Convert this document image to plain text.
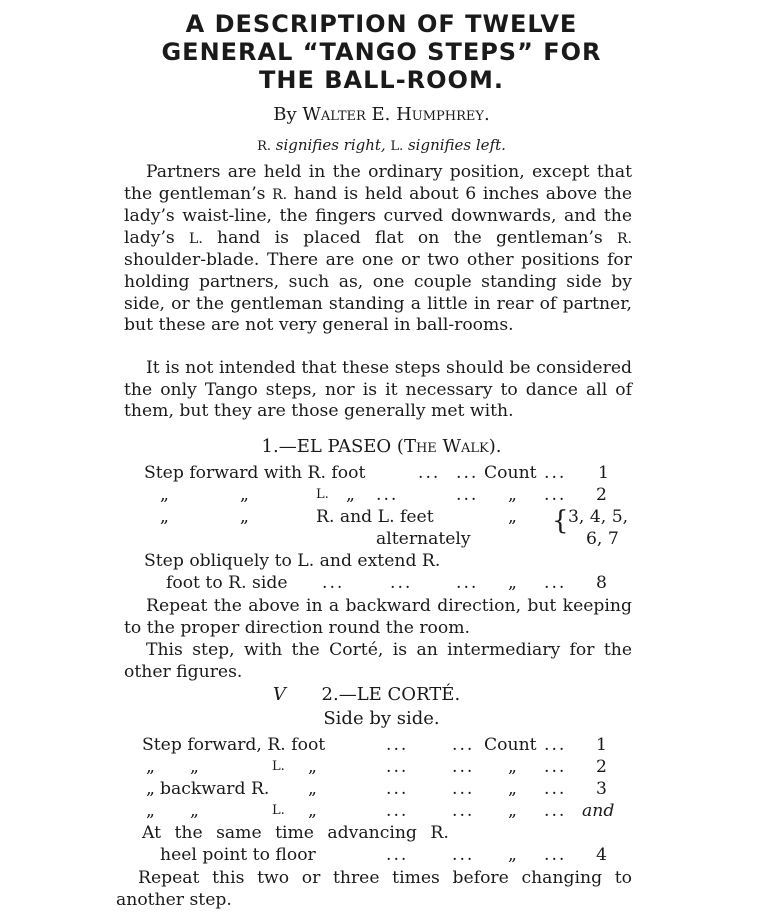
A DESCRIPTION OF TWELVE
GENERAL “TANGO STEPS” FOR
THE BALL-ROOM.
By Walter E. Humphrey.
R. signifies right, L. signifies left.

Partners are held in the ordinary position, except that the gentleman’s R. hand is held about 6 inches above the lady’s waist-line, the fingers curved downwards, and the lady’s L. hand is placed flat on the gentleman’s R. shoulder-blade. There are one or two other positions for holding partners, such as, one couple standing side by side, or the gentleman standing a little in rear of partner, but these are not very general in ball-rooms.

It is not intended that these steps should be considered the only Tango steps, nor is it necessary to dance all of them, but they are those generally met with.

1.—EL PASEO (The Walk).
Step forward with R. foot	... ... Count ... 1
„	„	L. „ ...	... „ ... 2
„	„	R. and L. feet	„ { 3, 4, 5,
alternately	6, 7
Step obliquely to L. and extend R.
foot to R. side ...	...	... „ ... 8

Repeat the above in a backward direction, but keeping to the proper direction round the room.

This step, with the Corté, is an intermediary for the other figures.

V 2.—LE CORTÉ.
Side by side.
Step forward, R. foot	...	... Count ... 1
„ „	L. „	...	... „ ... 2
„ backward R. „	...	... „ ... 3
„ „	L. „	...	... „ ... and
At the same time advancing R.
heel point to floor	...	... „ ... 4

Repeat this two or three times before changing to another step.
